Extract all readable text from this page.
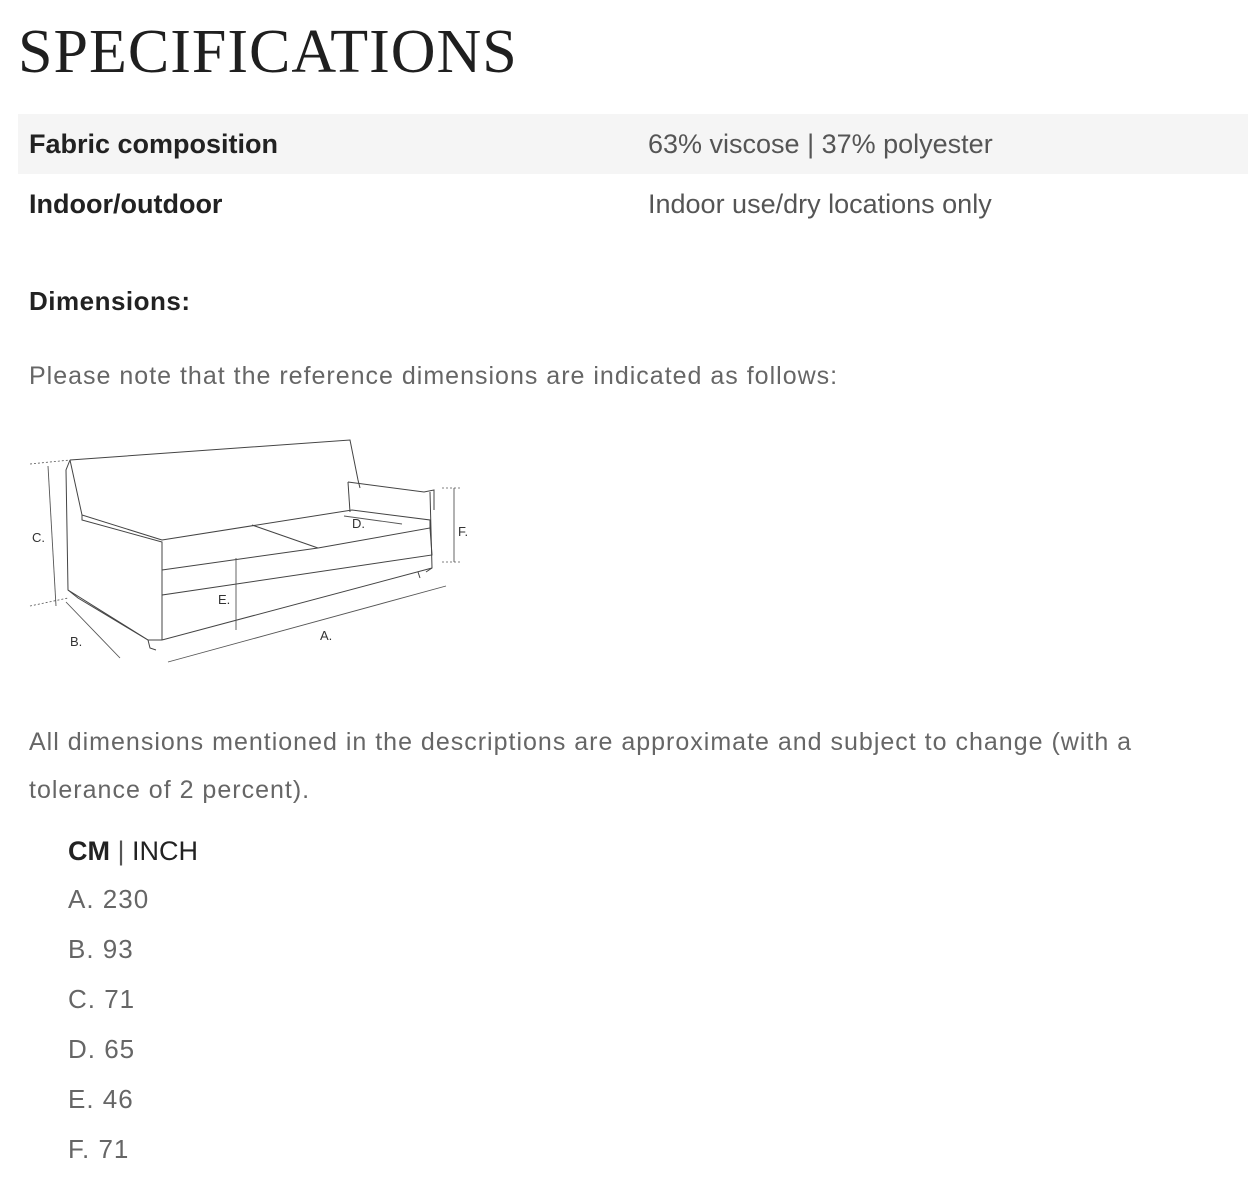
SPECIFICATIONS
Fabric composition	63% viscose | 37% polyester
Indoor/outdoor	Indoor use/dry locations only
Dimensions:

Please note that the reference dimensions are indicated as follows:

C.
B.
E.
A.
D.
F.

All dimensions mentioned in the descriptions are approximate and subject to change (with a tolerance of 2 percent).

CM | INCH
A. 230
B. 93
C. 71
D. 65
E. 46
F. 71
